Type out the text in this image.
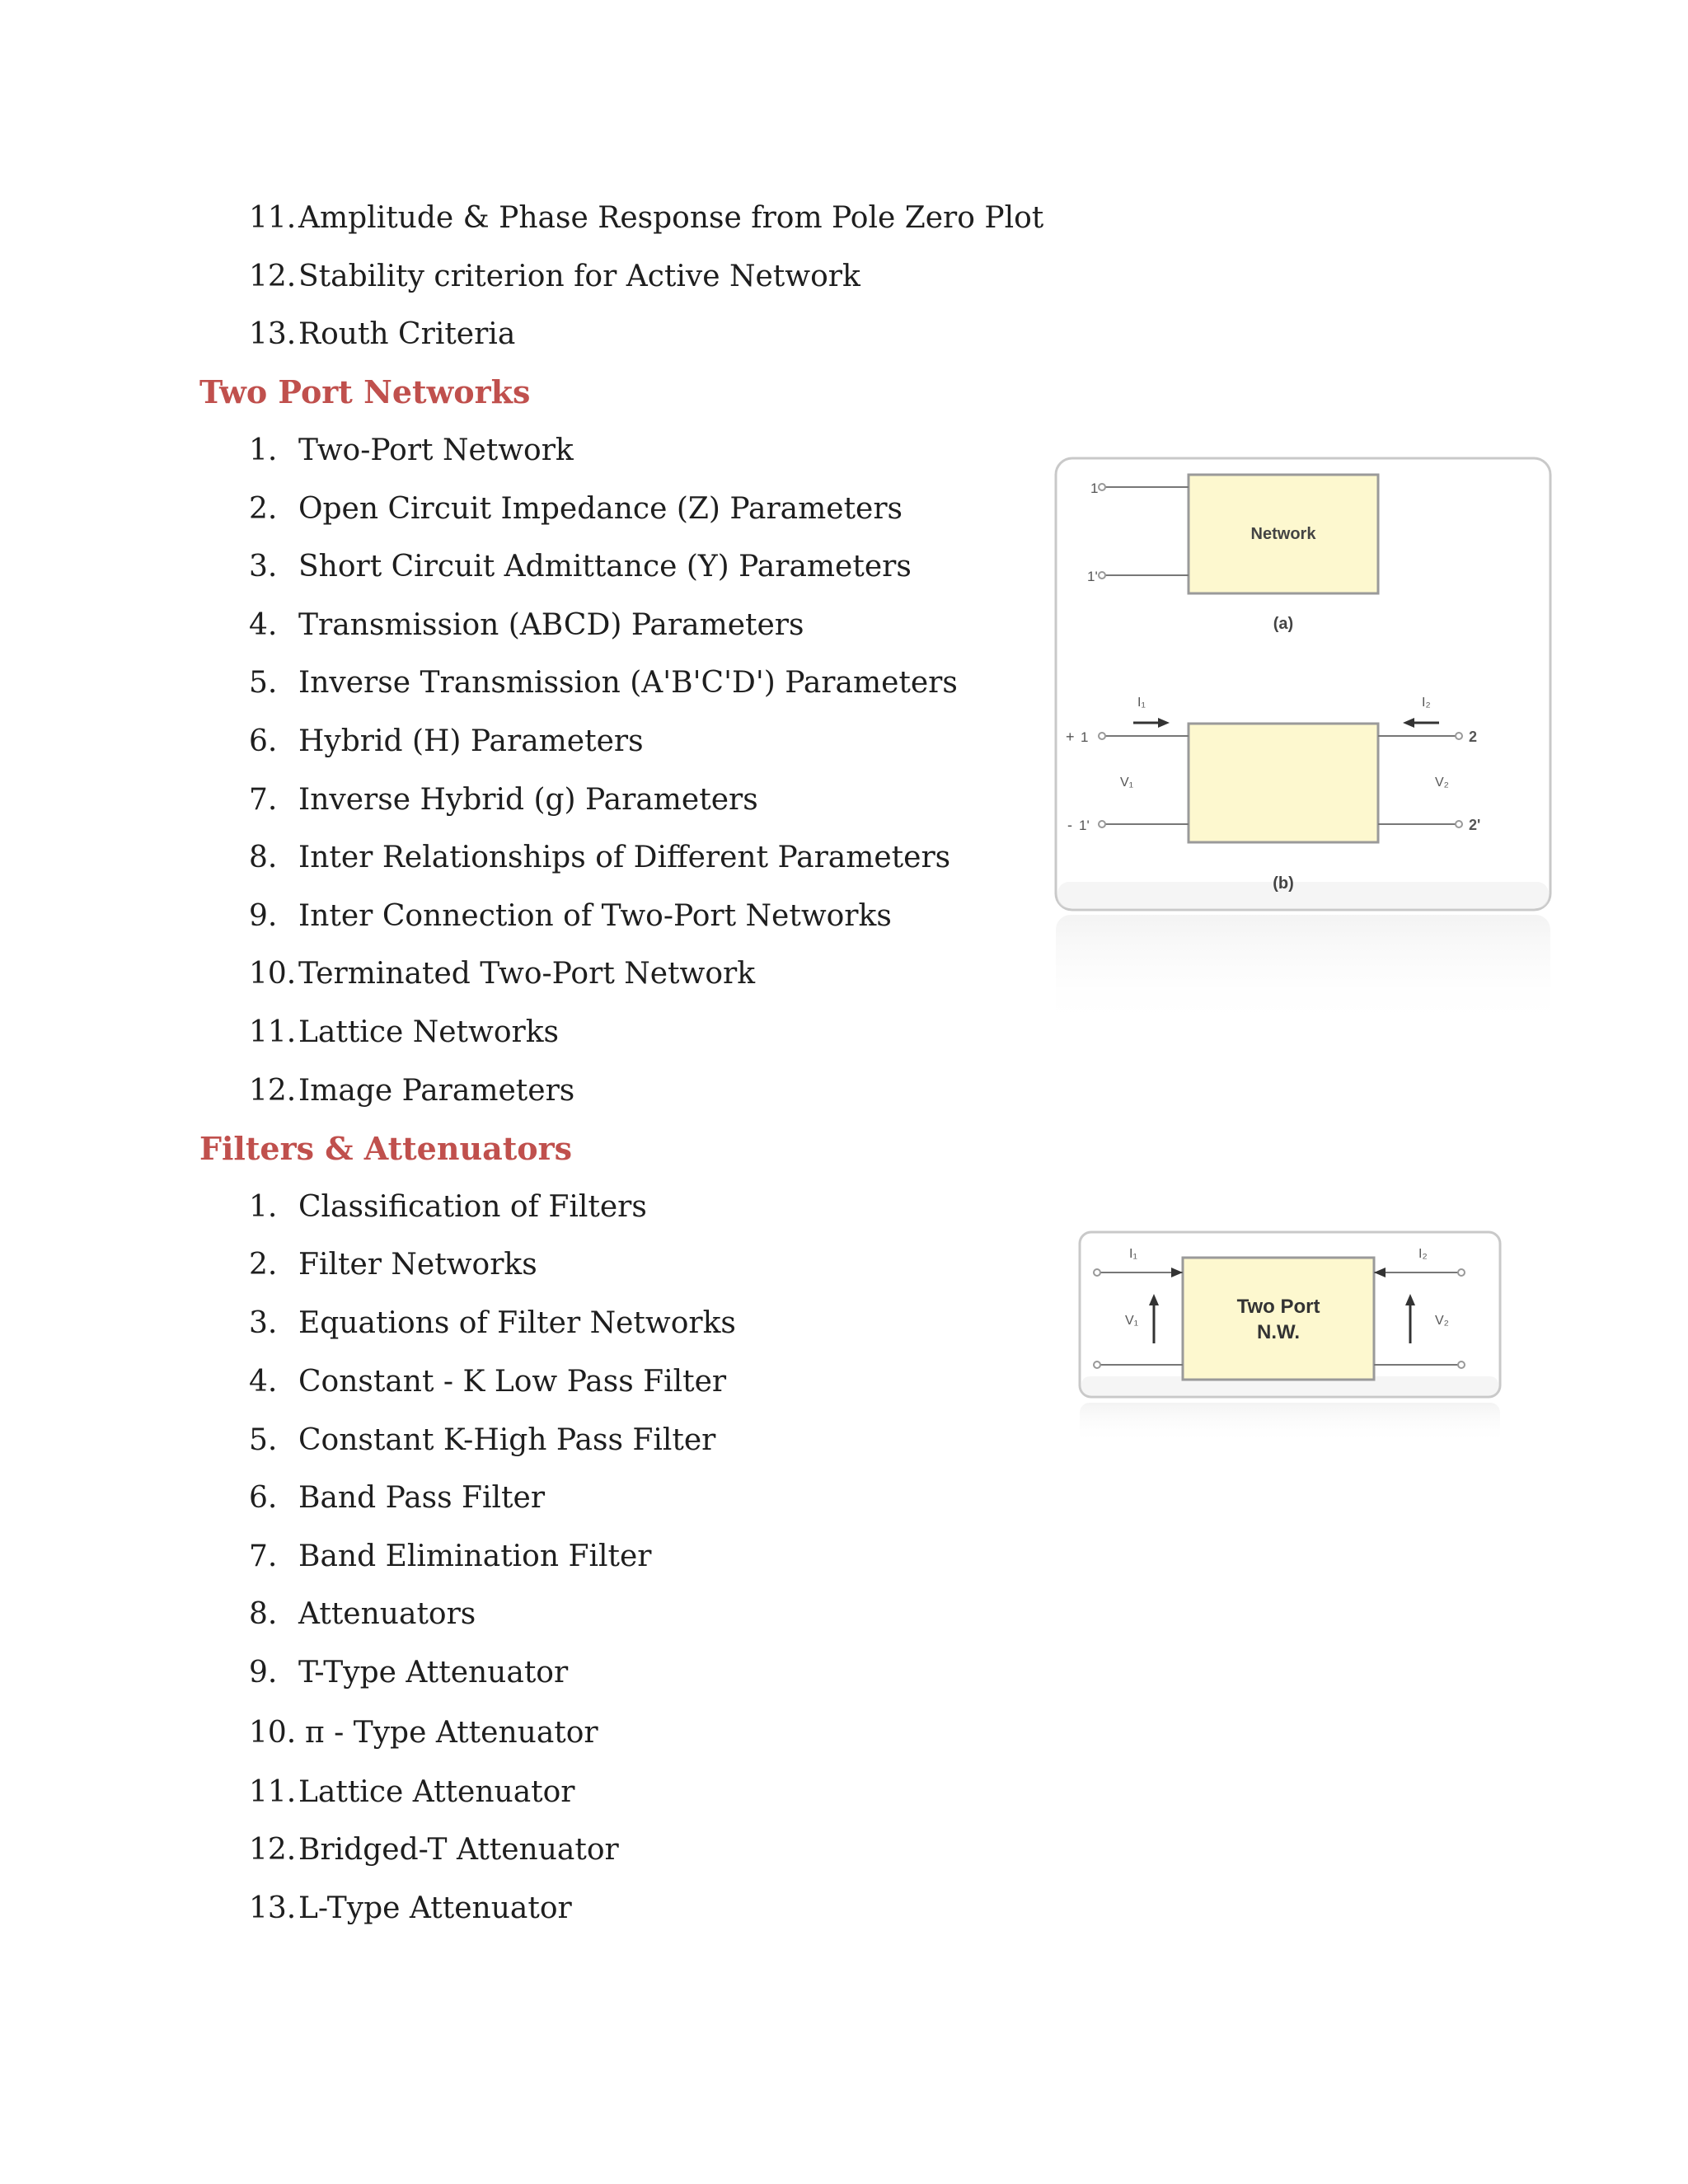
11. Amplitude & Phase Response from Pole Zero Plot
12. Stability criterion for Active Network
13. Routh Criteria
Two Port Networks
1. Two-Port Network
2. Open Circuit Impedance (Z) Parameters
3. Short Circuit Admittance (Y) Parameters
4. Transmission (ABCD) Parameters
5. Inverse Transmission (A'B'C'D') Parameters
6. Hybrid (H) Parameters
7. Inverse Hybrid (g) Parameters
8. Inter Relationships of Different Parameters
9. Inter Connection of Two-Port Networks
10. Terminated Two-Port Network
11. Lattice Networks
12. Image Parameters
Filters & Attenuators
1. Classification of Filters
2. Filter Networks
3. Equations of Filter Networks
4. Constant - K Low Pass Filter
5. Constant K-High Pass Filter
6. Band Pass Filter
7. Band Elimination Filter
8. Attenuators
9. T-Type Attenuator
10. π - Type Attenuator
11. Lattice Attenuator
12. Bridged-T Attenuator
13. L-Type Attenuator
Network
1
1'
(a)
I₁	I₂
+ 1
- 1'
2
2'
V₁	V₂
(b)
Two Port
N.W.
I₁	I₂
V₁	V₂
